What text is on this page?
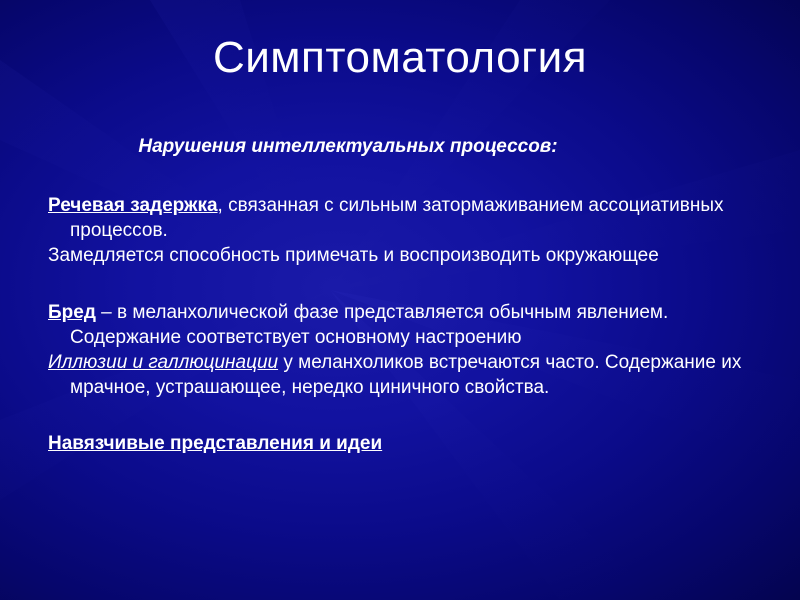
Симптоматология
Нарушения интеллектуальных процессов:
Речевая задержка, связанная с сильным затормаживанием ассоциативных процессов.
Замедляется способность примечать и воспроизводить окружающее
Бред – в меланхолической фазе представляется обычным явлением. Содержание соответствует основному настроению
Иллюзии и галлюцинации у меланхоликов встречаются часто. Содержание их мрачное, устрашающее, нередко циничного свойства.
Навязчивые представления и идеи
